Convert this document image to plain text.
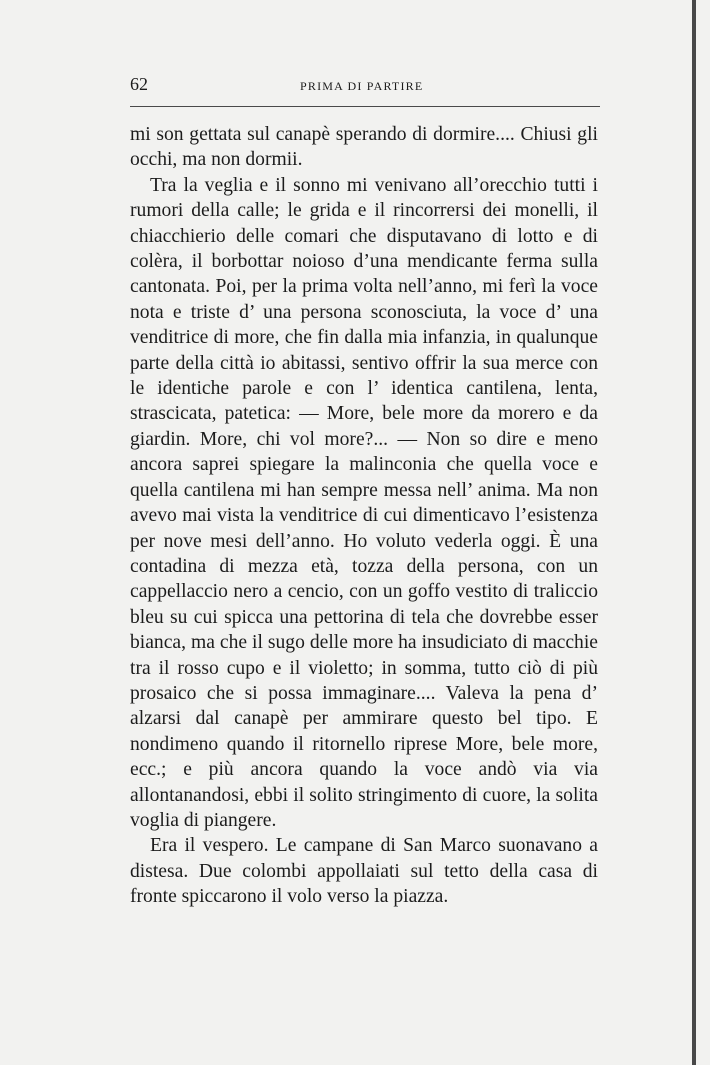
62	PRIMA DI PARTIRE

mi son gettata sul canapè sperando di dormire.... Chiusi gli occhi, ma non dormii.

Tra la veglia e il sonno mi venivano all’orecchio tutti i rumori della calle; le grida e il rincorrersi dei monelli, il chiacchierio delle comari che disputavano di lotto e di colèra, il borbottar noioso d’una mendicante ferma sulla cantonata. Poi, per la prima volta nell’anno, mi ferì la voce nota e triste d’ una persona sconosciuta, la voce d’ una venditrice di more, che fin dalla mia infanzia, in qualunque parte della città io abitassi, sentivo offrir la sua merce con le identiche parole e con l’ identica cantilena, lenta, strascicata, patetica: — More, bele more da morero e da giardin. More, chi vol more?... — Non so dire e meno ancora saprei spiegare la malinconia che quella voce e quella cantilena mi han sempre messa nell’ anima. Ma non avevo mai vista la venditrice di cui dimenticavo l’esistenza per nove mesi dell’anno. Ho voluto vederla oggi. È una contadina di mezza età, tozza della persona, con un cappellaccio nero a cencio, con un goffo vestito di traliccio bleu su cui spicca una pettorina di tela che dovrebbe esser bianca, ma che il sugo delle more ha insudiciato di macchie tra il rosso cupo e il violetto; in somma, tutto ciò di più prosaico che si possa immaginare.... Valeva la pena d’ alzarsi dal canapè per ammirare questo bel tipo. E nondimeno quando il ritornello riprese More, bele more, ecc.; e più ancora quando la voce andò via via allontanandosi, ebbi il solito stringimento di cuore, la solita voglia di piangere.

Era il vespero. Le campane di San Marco suonavano a distesa. Due colombi appollaiati sul tetto della casa di fronte spiccarono il volo verso la piazza.
